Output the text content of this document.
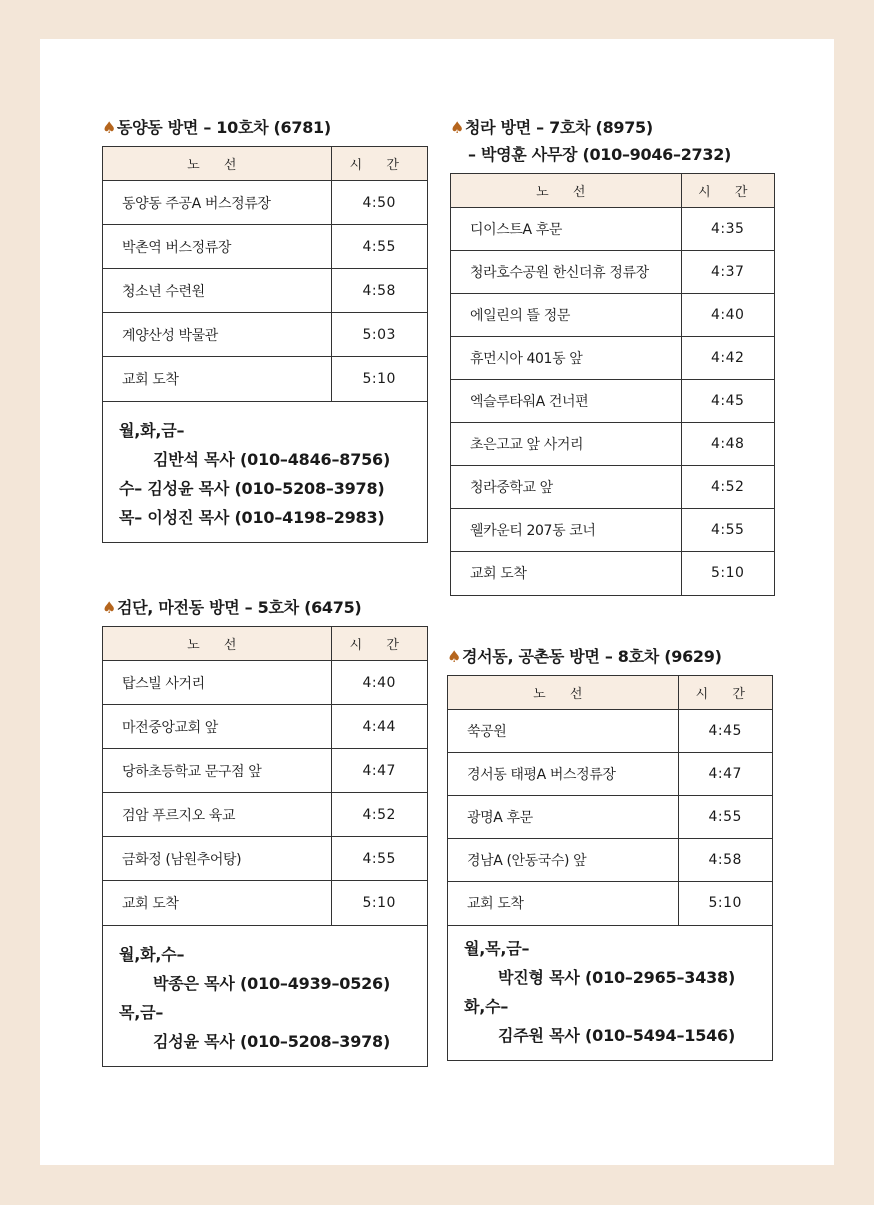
♠ 동양동 방면 – 10호차 (6781)
노 선	시 간
동양동 주공A 버스정류장	4:50
박촌역 버스정류장	4:55
청소년 수련원	4:58
계양산성 박물관	5:03
교회 도착	5:10
월,화,금–
김반석 목사 (010–4846–8756)
수– 김성윤 목사 (010–5208–3978)
목– 이성진 목사 (010–4198–2983)
♠ 청라 방면 – 7호차 (8975)
– 박영훈 사무장 (010–9046–2732)
노 선	시 간
디이스트A 후문	4:35
청라호수공원 한신더휴 정류장	4:37
에일린의 뜰 정문	4:40
휴먼시아 401동 앞	4:42
엑슬루타워A 건너편	4:45
초은고교 앞 사거리	4:48
청라중학교 앞	4:52
웰카운티 207동 코너	4:55
교회 도착	5:10
♠ 검단, 마전동 방면 – 5호차 (6475)
노 선	시 간
탑스빌 사거리	4:40
마전중앙교회 앞	4:44
당하초등학교 문구점 앞	4:47
검암 푸르지오 육교	4:52
금화정 (남원추어탕)	4:55
교회 도착	5:10
월,화,수–
박종은 목사 (010–4939–0526)
목,금–
김성윤 목사 (010–5208–3978)
♠ 경서동, 공촌동 방면 – 8호차 (9629)
노 선	시 간
쑥공원	4:45
경서동 태평A 버스정류장	4:47
광명A 후문	4:55
경남A (안동국수) 앞	4:58
교회 도착	5:10
월,목,금–
박진형 목사 (010–2965–3438)
화,수–
김주원 목사 (010–5494–1546)
